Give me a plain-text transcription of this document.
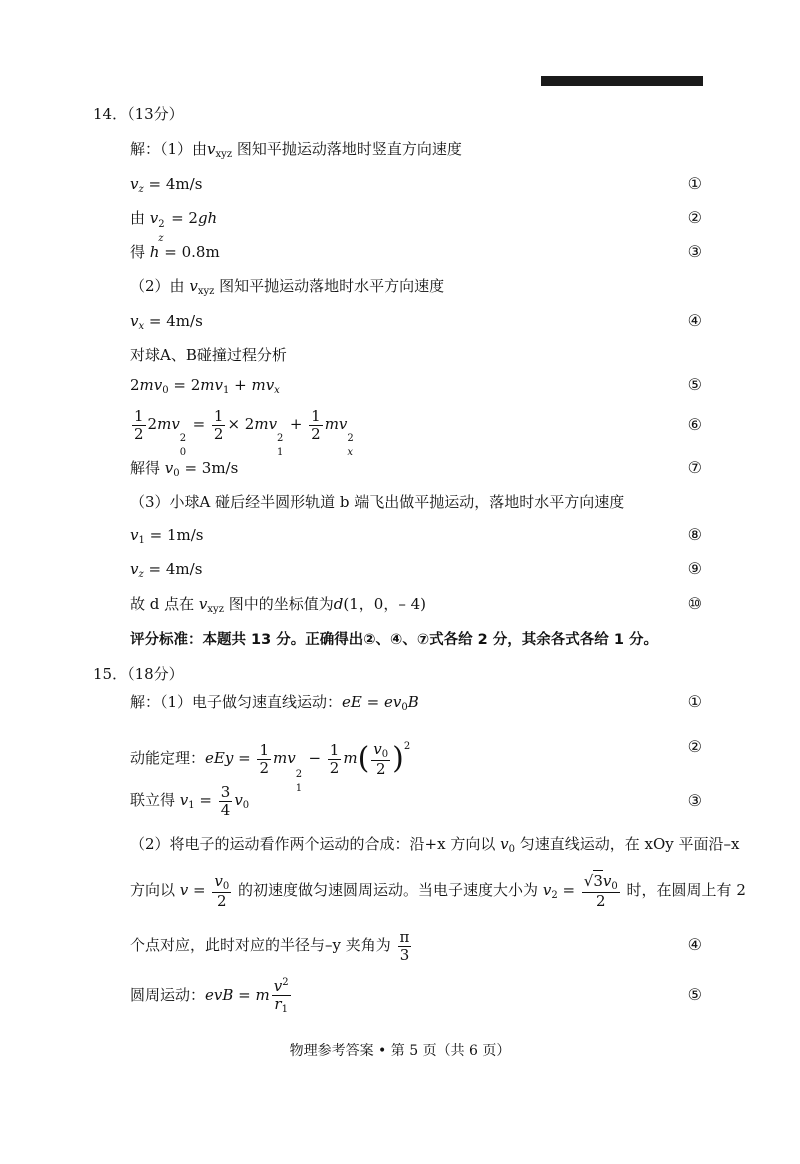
14．（13分）
解：（1）由$v_{xyz}$ 图知平抛运动落地时竖直方向速度
$v_z = 4m/s$	①
由 v 2
z
= 2gh	②
得 h = 0.8m	③
（2）由 $v_{xyz}$ 图知平抛运动落地时水平方向速度
$v_x = 4m/s$	④
对球A、B碰撞过程分析
$2mv_0 = 2mv_1 + mv_x$	⑤
$\frac{1}{2} 2mv$
2
0
= $\frac{1}{2} \times 2mv$
2
1
+ $\frac{1}{2}$ mv
2
x
⑥
解得 $v_0 = 3m/s$	⑦
（3）小球A 碰后经半圆形轨道 b 端飞出做平抛运动，落地时水平方向速度
$v_1 = 1m/s$	⑧
$v_z = 4m/s$	⑨
故 d 点在 $v_{xyz}$ 图中的坐标值为d(1，0，– 4)	⑩
评分标准：本题共 13 分。正确得出②、④、⑦式各给 2 分，其余各式各给 1 分。
15．（18分）
解：（1）电子做匀速直线运动：eE = $ev_0B$	①
动能定理：eEy = $\frac{1}{2}$ mv
2
1
− $\frac{1}{2} m( \frac{v_0}{2} )^2$	②
联立得 $v_1 = \frac{3}{4} v_0$	③
（2）将电子的运动看作两个运动的合成：沿+x 方向以 $v_0$ 匀速直线运动，在 xOy 平面沿–x
方向以 $v = \frac{v_0}{2}$ 的初速度做匀速圆周运动。当电子速度大小为 $v_2 = \frac{√3v_0}{2}$ 时，在圆周上有 2
个点对应，此时对应的半径与–y 夹角为 $\frac{\pi}{3}$	④
圆周运动：evB = m $\frac{v^2}{r_1}$	⑤
物理参考答案 • 第 5 页（共 6 页）
